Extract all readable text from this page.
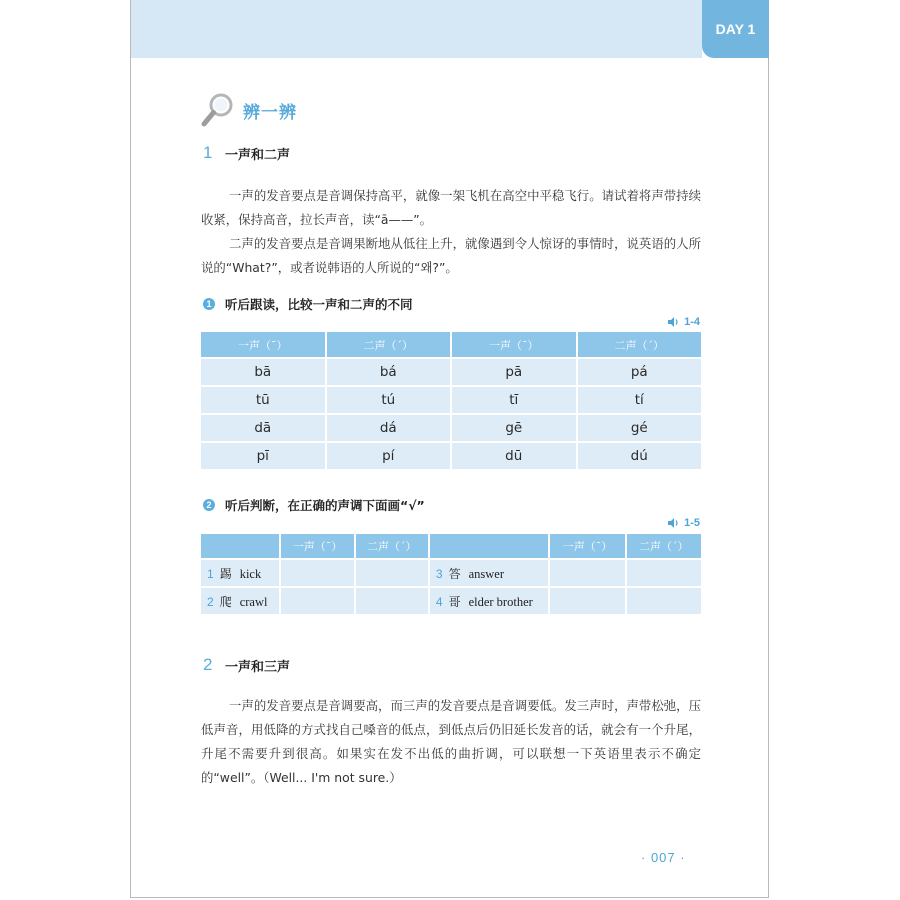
DAY 1
辨一辨
1 一声和二声

一声的发音要点是音调保持高平，就像一架飞机在高空中平稳飞行。请试着将声带持续收紧，保持高音，拉长声音，读“ā——”。

二声的发音要点是音调果断地从低往上升，就像遇到令人惊讶的事情时，说英语的人所说的“What?”，或者说韩语的人所说的“왜?”。

1 听后跟读，比较一声和二声的不同
1-4
一声（ˉ）	二声（ˊ）	一声（ˉ）	二声（ˊ）
bā	bá	pā	pá
tū	tú	tī	tí
dā	dá	gē	gé
pī	pí	dū	dú
2 听后判断，在正确的声调下面画“√”
1-5
	一声（ˉ）	二声（ˊ）		一声（ˉ）	二声（ˊ）
1 踢 kick			3 答 answer		
2 爬 crawl			4 哥 elder brother		
2 一声和三声

一声的发音要点是音调要高，而三声的发音要点是音调要低。发三声时，声带松弛，压低声音，用低降的方式找自己嗓音的低点，到低点后仍旧延长发音的话，就会有一个升尾，升尾不需要升到很高。如果实在发不出低的曲折调，可以联想一下英语里表示不确定的“well”。（Well... I'm not sure.）

· 007 ·
